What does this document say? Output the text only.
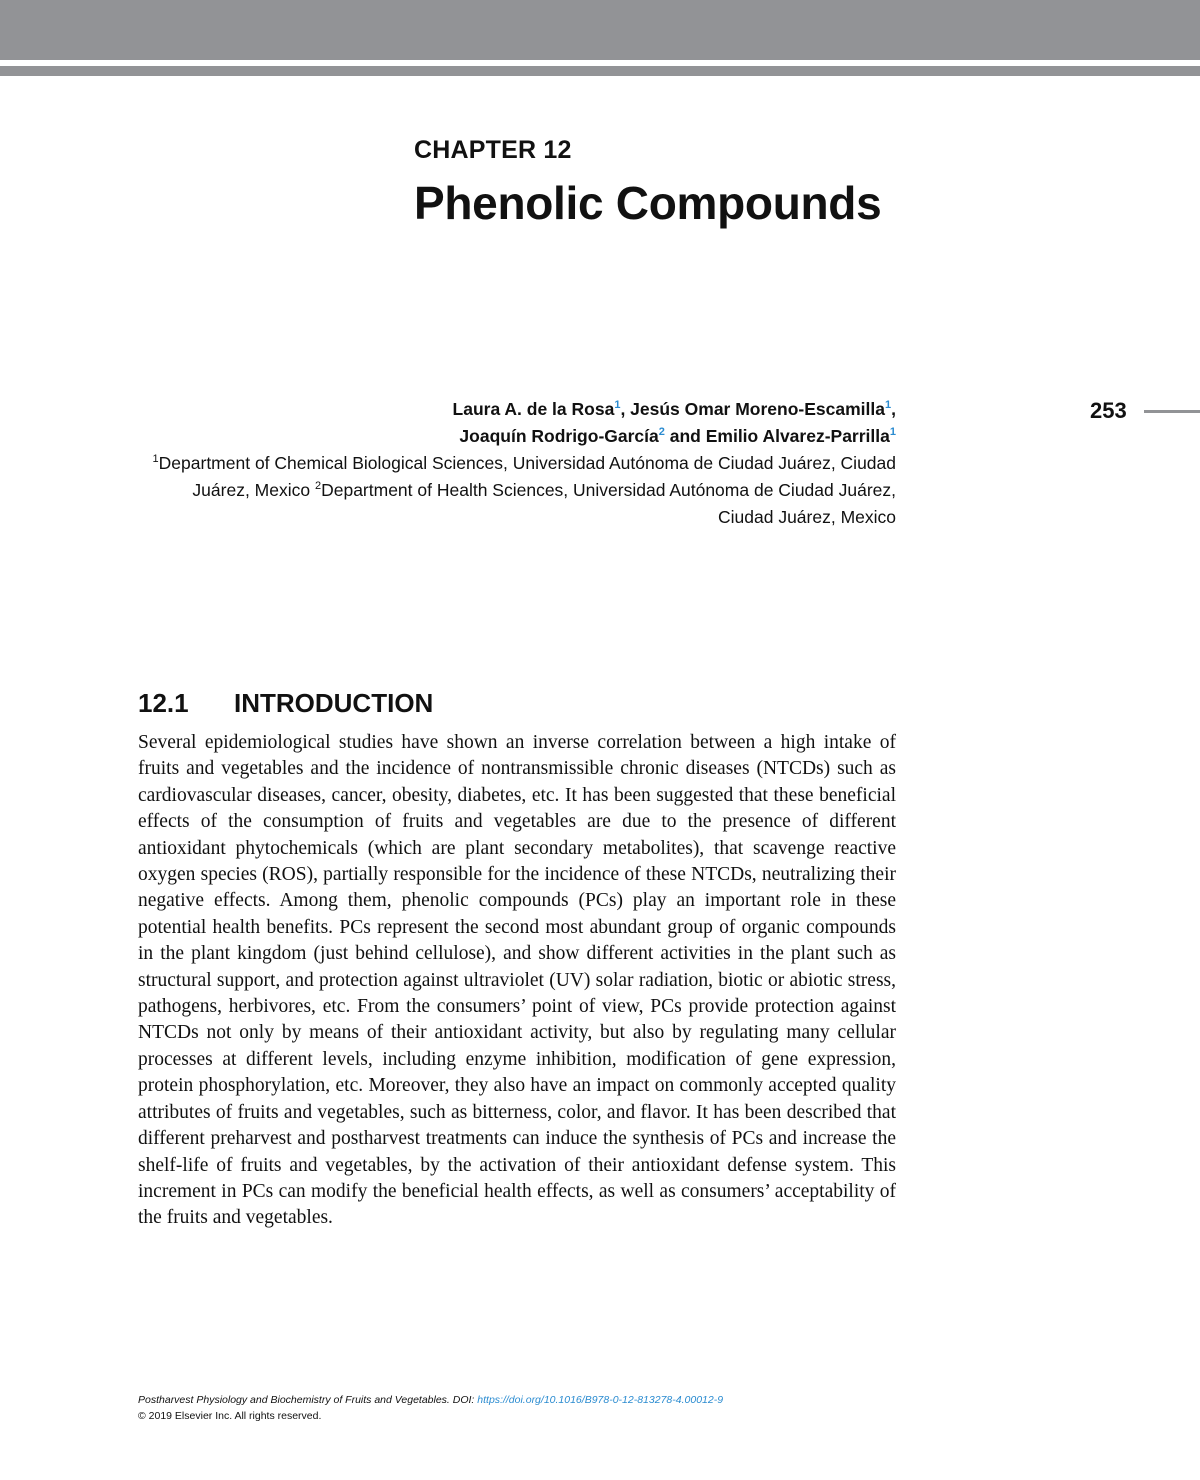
CHAPTER 12
Phenolic Compounds
253
Laura A. de la Rosa$^1$, Jesús Omar Moreno-Escamilla$^1$,
Joaquín Rodrigo-García$^2$ and Emilio Alvarez-Parrilla$^1$
$^1$Department of Chemical Biological Sciences, Universidad Autónoma de Ciudad Juárez, Ciudad Juárez, Mexico $^2$Department of Health Sciences, Universidad Autónoma de Ciudad Juárez, Ciudad Juárez, Mexico
12.1 INTRODUCTION
Several epidemiological studies have shown an inverse correlation between a high intake of fruits and vegetables and the incidence of nontransmissible chronic diseases (NTCDs) such as cardiovascular diseases, cancer, obesity, diabetes, etc. It has been suggested that these beneficial effects of the consumption of fruits and vegetables are due to the presence of different antioxidant phytochemicals (which are plant secondary metabolites), that scavenge reactive oxygen species (ROS), partially responsible for the incidence of these NTCDs, neutralizing their negative effects. Among them, phenolic compounds (PCs) play an important role in these potential health benefits. PCs represent the second most abundant group of organic compounds in the plant kingdom (just behind cellulose), and show different activities in the plant such as structural support, and protection against ultraviolet (UV) solar radiation, biotic or abiotic stress, pathogens, herbivores, etc. From the consumers’ point of view, PCs provide protection against NTCDs not only by means of their antioxidant activity, but also by regulating many cellular processes at different levels, including enzyme inhibition, modification of gene expression, protein phosphorylation, etc. Moreover, they also have an impact on commonly accepted quality attributes of fruits and vegetables, such as bitterness, color, and flavor. It has been described that different preharvest and postharvest treatments can induce the synthesis of PCs and increase the shelf-life of fruits and vegetables, by the activation of their antioxidant defense system. This increment in PCs can modify the beneficial health effects, as well as consumers’ acceptability of the fruits and vegetables.
Postharvest Physiology and Biochemistry of Fruits and Vegetables. DOI: https://doi.org/10.1016/B978-0-12-813278-4.00012-9
© 2019 Elsevier Inc. All rights reserved.
